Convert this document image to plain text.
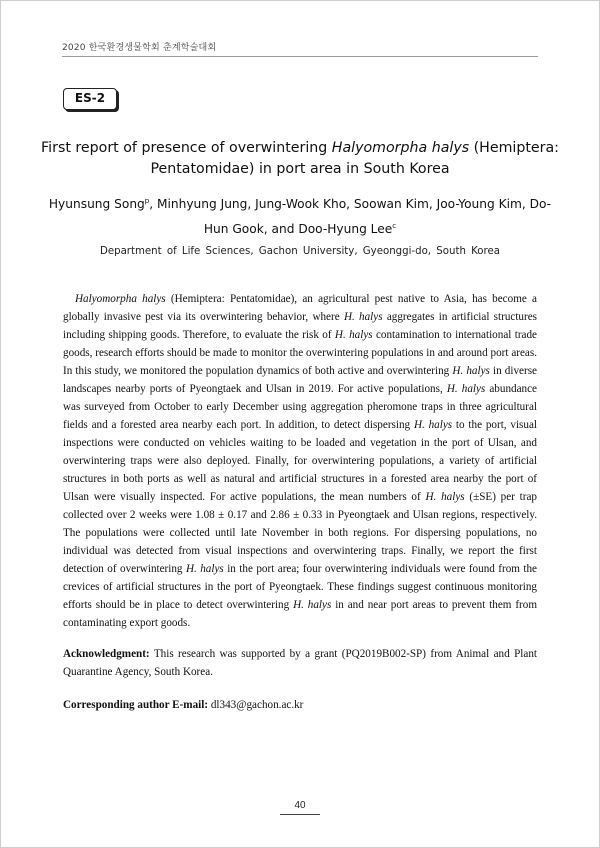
2020 한국환경생물학회 춘계학술대회
ES-2
First report of presence of overwintering Halyomorpha halys (Hemiptera: Pentatomidae) in port area in South Korea
Hyunsung Song$^p$, Minhyung Jung, Jung-Wook Kho, Soowan Kim, Joo-Young Kim, Do-Hun Gook, and Doo-Hyung Lee$^c$
Department of Life Sciences, Gachon University, Gyeonggi-do, South Korea

Halyomorpha halys (Hemiptera: Pentatomidae), an agricultural pest native to Asia, has become a globally invasive pest via its overwintering behavior, where H. halys aggregates in artificial structures including shipping goods. Therefore, to evaluate the risk of H. halys contamination to international trade goods, research efforts should be made to monitor the overwintering populations in and around port areas. In this study, we monitored the population dynamics of both active and overwintering H. halys in diverse landscapes nearby ports of Pyeongtaek and Ulsan in 2019. For active populations, H. halys abundance was surveyed from October to early December using aggregation pheromone traps in three agricultural fields and a forested area nearby each port. In addition, to detect dispersing H. halys to the port, visual inspections were conducted on vehicles waiting to be loaded and vegetation in the port of Ulsan, and overwintering traps were also deployed. Finally, for overwintering populations, a variety of artificial structures in both ports as well as natural and artificial structures in a forested area nearby the port of Ulsan were visually inspected. For active populations, the mean numbers of H. halys (±SE) per trap collected over 2 weeks were 1.08 ± 0.17 and 2.86 ± 0.33 in Pyeongtaek and Ulsan regions, respectively. The populations were collected until late November in both regions. For dispersing populations, no individual was detected from visual inspections and overwintering traps. Finally, we report the first detection of overwintering H. halys in the port area; four overwintering individuals were found from the crevices of artificial structures in the port of Pyeongtaek. These findings suggest continuous monitoring efforts should be in place to detect overwintering H. halys in and near port areas to prevent them from contaminating export goods.

Acknowledgment: This research was supported by a grant (PQ2019B002-SP) from Animal and Plant Quarantine Agency, South Korea.

Corresponding author E-mail: dl343@gachon.ac.kr

40
